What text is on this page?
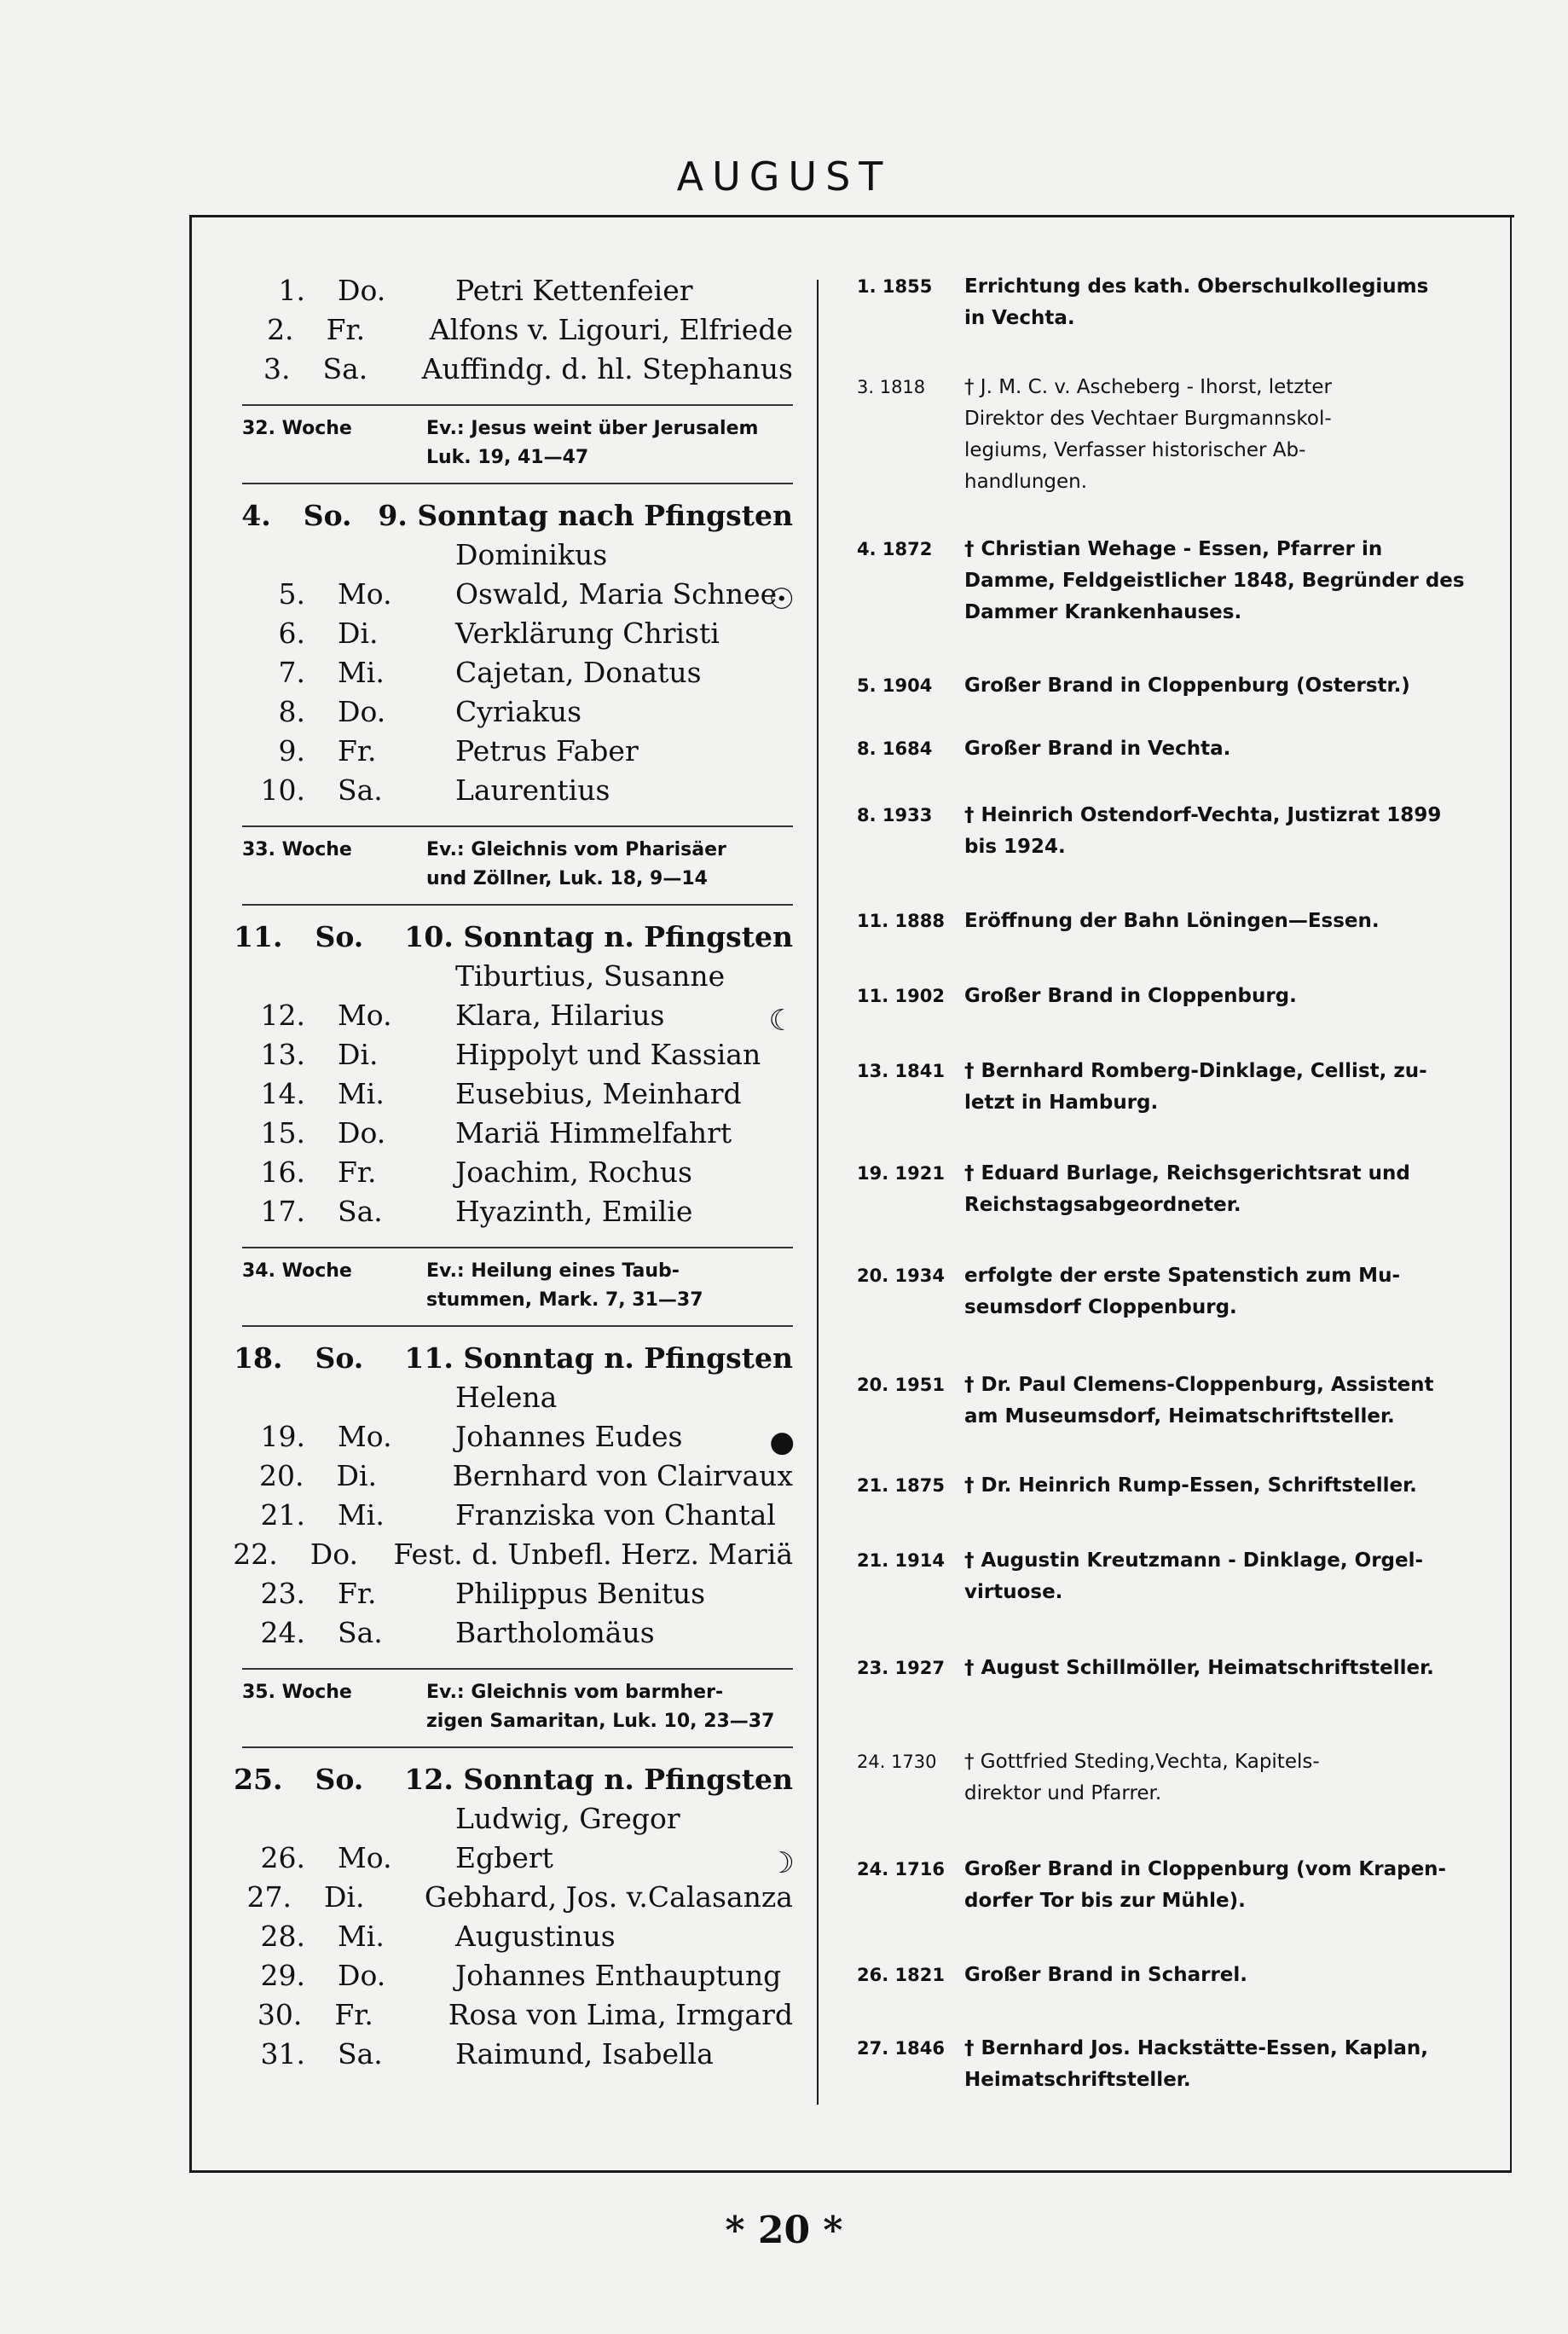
AUGUST
1.	Do.	Petri Kettenfeier
2.	Fr.	Alfons v. Ligouri, Elfriede
3.	Sa.	Auffindg. d. hl. Stephanus
32. Woche	Ev.: Jesus weint über Jerusalem
Luk. 19, 41—47
4.	So. 9. Sonntag nach Pfingsten
Dominikus
5.	Mo.	Oswald, Maria Schnee
☉
6.	Di.	Verklärung Christi
7.	Mi.	Cajetan, Donatus
8.	Do.	Cyriakus
9.	Fr.	Petrus Faber
10.	Sa.	Laurentius
33. Woche	Ev.: Gleichnis vom Pharisäer
und Zöllner, Luk. 18, 9—14
11.	So.	10. Sonntag n. Pfingsten
Tiburtius, Susanne
12.	Mo.	Klara, Hilarius	☾
13.	Di.	Hippolyt und Kassian
14.	Mi.	Eusebius, Meinhard
15.	Do.	Mariä Himmelfahrt
16.	Fr.	Joachim, Rochus
17.	Sa.	Hyazinth, Emilie
34. Woche	Ev.: Heilung eines Taub-
stummen, Mark. 7, 31—37
18.	So.	11. Sonntag n. Pfingsten
Helena
19.	Mo.	Johannes Eudes	●
20.	Di.	Bernhard von Clairvaux
21.	Mi.	Franziska von Chantal
22.	Do.	Fest. d. Unbefl. Herz. Mariä
23.	Fr.	Philippus Benitus
24.	Sa.	Bartholomäus
35. Woche	Ev.: Gleichnis vom barmher-
zigen Samaritan, Luk. 10, 23—37
25.	So.	12. Sonntag n. Pfingsten
Ludwig, Gregor
26.	Mo.	Egbert	☽
27.	Di.	Gebhard, Jos. v.Calasanza
28.	Mi.	Augustinus
29.	Do.	Johannes Enthauptung
30.	Fr.	Rosa von Lima, Irmgard
31.	Sa.	Raimund, Isabella
1. 1855	Errichtung des kath. Oberschulkollegiums
in Vechta.
3. 1818	† J. M. C. v. Ascheberg - Ihorst, letzter
Direktor des Vechtaer Burgmannskol-
legiums, Verfasser historischer Ab-
handlungen.
4. 1872	† Christian Wehage - Essen, Pfarrer in
Damme, Feldgeistlicher 1848, Begründer des
Dammer Krankenhauses.
5. 1904	Großer Brand in Cloppenburg (Osterstr.)
8. 1684	Großer Brand in Vechta.
8. 1933	† Heinrich Ostendorf-Vechta, Justizrat 1899
bis 1924.
11. 1888	Eröffnung der Bahn Löningen—Essen.
11. 1902	Großer Brand in Cloppenburg.
13. 1841	† Bernhard Romberg-Dinklage, Cellist, zu-
letzt in Hamburg.
19. 1921	† Eduard Burlage, Reichsgerichtsrat und
Reichstagsabgeordneter.
20. 1934	erfolgte der erste Spatenstich zum Mu-
seumsdorf Cloppenburg.
20. 1951	† Dr. Paul Clemens-Cloppenburg, Assistent
am Museumsdorf, Heimatschriftsteller.
21. 1875	† Dr. Heinrich Rump-Essen, Schriftsteller.
21. 1914	† Augustin Kreutzmann - Dinklage, Orgel-
virtuose.
23. 1927	† August Schillmöller, Heimatschriftsteller.
24. 1730	† Gottfried Steding,Vechta, Kapitels-
direktor und Pfarrer.
24. 1716	Großer Brand in Cloppenburg (vom Krapen-
dorfer Tor bis zur Mühle).
26. 1821	Großer Brand in Scharrel.
27. 1846	† Bernhard Jos. Hackstätte-Essen, Kaplan,
Heimatschriftsteller.
* 20 *
